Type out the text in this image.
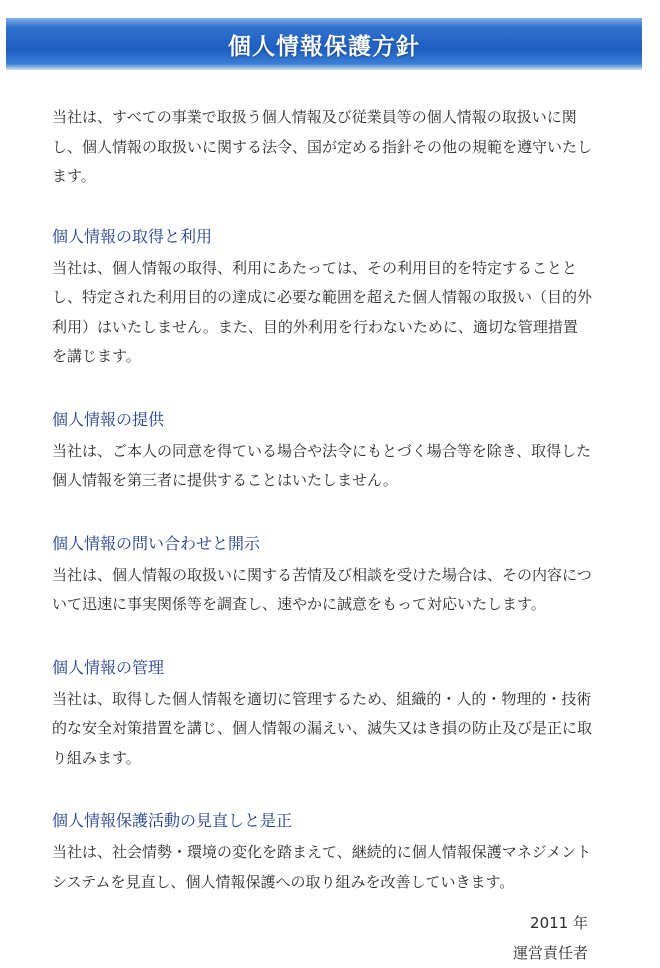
個人情報保護方針

当社は、すべての事業で取扱う個人情報及び従業員等の個人情報の取扱いに関し、個人情報の取扱いに関する法令、国が定める指針その他の規範を遵守いたします。

個人情報の取得と利用

当社は、個人情報の取得、利用にあたっては、その利用目的を特定することとし、特定された利用目的の達成に必要な範囲を超えた個人情報の取扱い（目的外利用）はいたしません。また、目的外利用を行わないために、適切な管理措置を講じます。

個人情報の提供

当社は、ご本人の同意を得ている場合や法令にもとづく場合等を除き、取得した個人情報を第三者に提供することはいたしません。

個人情報の問い合わせと開示

当社は、個人情報の取扱いに関する苦情及び相談を受けた場合は、その内容について迅速に事実関係等を調査し、速やかに誠意をもって対応いたします。

個人情報の管理

当社は、取得した個人情報を適切に管理するため、組織的・人的・物理的・技術的な安全対策措置を講じ、個人情報の漏えい、滅失又はき損の防止及び是正に取り組みます。

個人情報保護活動の見直しと是正

当社は、社会情勢・環境の変化を踏まえて、継続的に個人情報保護マネジメントシステムを見直し、個人情報保護への取り組みを改善していきます。

2011 年
運営責任者
